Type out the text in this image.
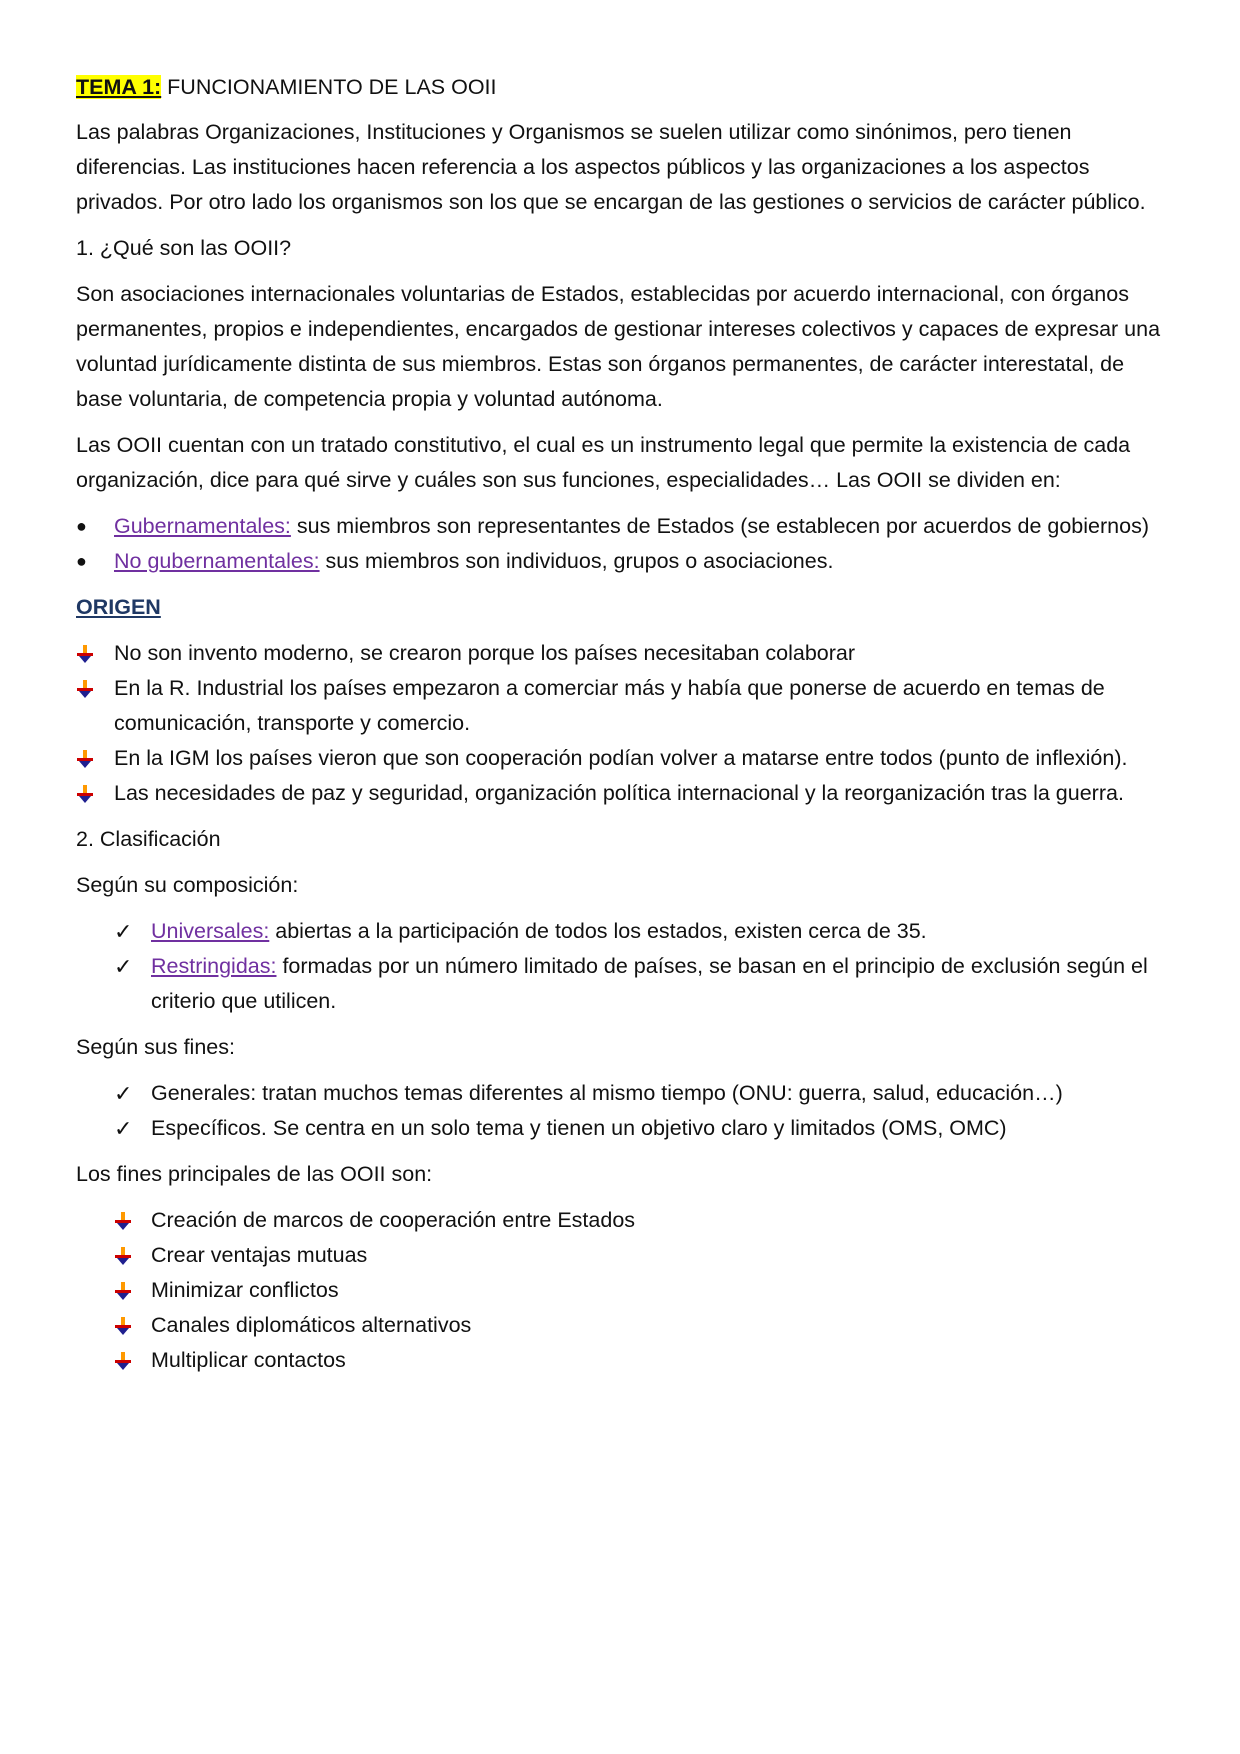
TEMA 1: FUNCIONAMIENTO DE LAS OOII

Las palabras Organizaciones, Instituciones y Organismos se suelen utilizar como sinónimos, pero tienen diferencias. Las instituciones hacen referencia a los aspectos públicos y las organizaciones a los aspectos privados. Por otro lado los organismos son los que se encargan de las gestiones o servicios de carácter público.

1. ¿Qué son las OOII?

Son asociaciones internacionales voluntarias de Estados, establecidas por acuerdo internacional, con órganos permanentes, propios e independientes, encargados de gestionar intereses colectivos y capaces de expresar una voluntad jurídicamente distinta de sus miembros. Estas son órganos permanentes, de carácter interestatal, de base voluntaria, de competencia propia y voluntad autónoma.

Las OOII cuentan con un tratado constitutivo, el cual es un instrumento legal que permite la existencia de cada organización, dice para qué sirve y cuáles son sus funciones, especialidades… Las OOII se dividen en:

● Gubernamentales: sus miembros son representantes de Estados (se establecen por acuerdos de gobiernos)
● No gubernamentales: sus miembros son individuos, grupos o asociaciones.

ORIGEN

No son invento moderno, se crearon porque los países necesitaban colaborar
En la R. Industrial los países empezaron a comerciar más y había que ponerse de acuerdo en temas de comunicación, transporte y comercio.
En la IGM los países vieron que son cooperación podían volver a matarse entre todos (punto de inflexión).
Las necesidades de paz y seguridad, organización política internacional y la reorganización tras la guerra.

2. Clasificación

Según su composición:

✓ Universales: abiertas a la participación de todos los estados, existen cerca de 35.
✓ Restringidas: formadas por un número limitado de países, se basan en el principio de exclusión según el criterio que utilicen.

Según sus fines:

✓ Generales: tratan muchos temas diferentes al mismo tiempo (ONU: guerra, salud, educación…)
✓ Específicos. Se centra en un solo tema y tienen un objetivo claro y limitados (OMS, OMC)

Los fines principales de las OOII son:

Creación de marcos de cooperación entre Estados
Crear ventajas mutuas
Minimizar conflictos
Canales diplomáticos alternativos
Multiplicar contactos
